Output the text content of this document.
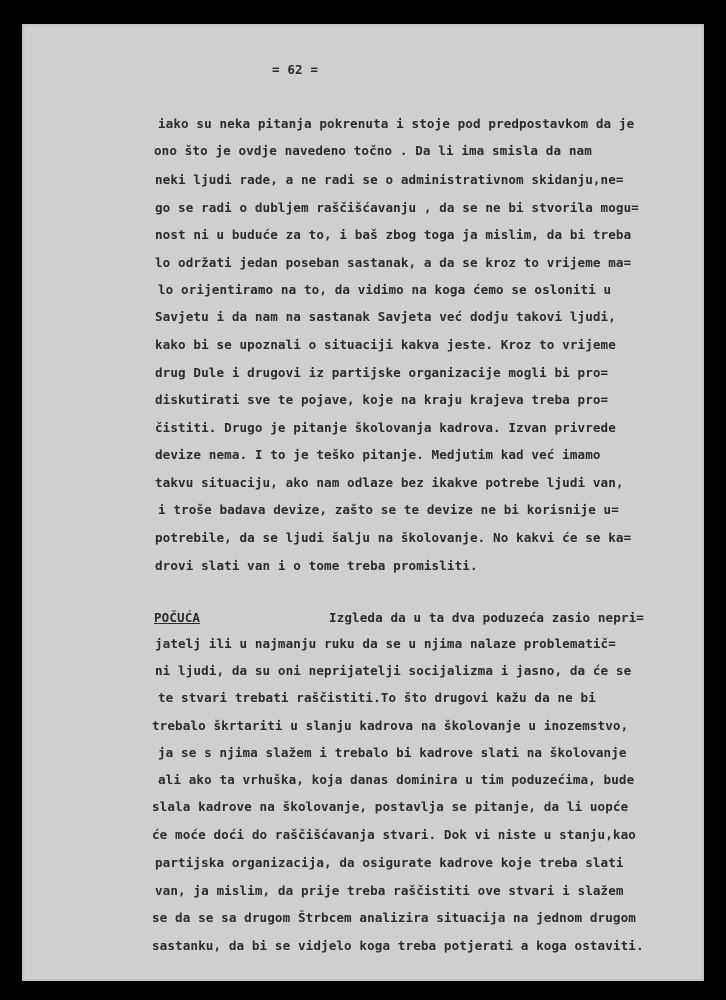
= 62 =
iako su neka pitanja pokrenuta i stoje pod predpostavkom da je
ono što je ovdje navedeno točno . Da li ima smisla da nam
neki ljudi rade, a ne radi se o administrativnom skidanju,ne=
go se radi o dubljem raščišćavanju , da se ne bi stvorila mogu=
nost ni u buduće za to, i baš zbog toga ja mislim, da bi treba
lo održati jedan poseban sastanak, a da se kroz to vrijeme ma=
lo orijentiramo na to, da vidimo na koga ćemo se osloniti u
Savjetu i da nam na sastanak Savjeta već dodju takovi ljudi,
kako bi se upoznali o situaciji kakva jeste. Kroz to vrijeme
drug Dule i drugovi iz partijske organizacije mogli bi pro=
diskutirati sve te pojave, koje na kraju krajeva treba pro=
čistiti. Drugo je pitanje školovanja kadrova. Izvan privrede
devize nema. I to je teško pitanje. Medjutim kad već imamo
takvu situaciju, ako nam odlaze bez ikakve potrebe ljudi van,
i troše badava devize, zašto se te devize ne bi korisnije u=
potrebile, da se ljudi šalju na školovanje. No kakvi će se ka=
drovi slati van i o tome treba promisliti.
POČUĆA	Izgleda da u ta dva poduzeća zasio nepri=
jatelj ili u najmanju ruku da se u njima nalaze problematič=
ni ljudi, da su oni neprijatelji socijalizma i jasno, da će se
te stvari trebati raščistiti.To što drugovi kažu da ne bi
trebalo škrtariti u slanju kadrova na školovanje u inozemstvo,
ja se s njima slažem i trebalo bi kadrove slati na školovanje
ali ako ta vrhuška, koja danas dominira u tim poduzećima, bude
slala kadrove na školovanje, postavlja se pitanje, da li uopće
će moće doći do raščišćavanja stvari. Dok vi niste u stanju,kao
partijska organizacija, da osigurate kadrove koje treba slati
van, ja mislim, da prije treba raščistiti ove stvari i slažem
se da se sa drugom Štrbcem analizira situacija na jednom drugom
sastanku, da bi se vidjelo koga treba potjerati a koga ostaviti.
